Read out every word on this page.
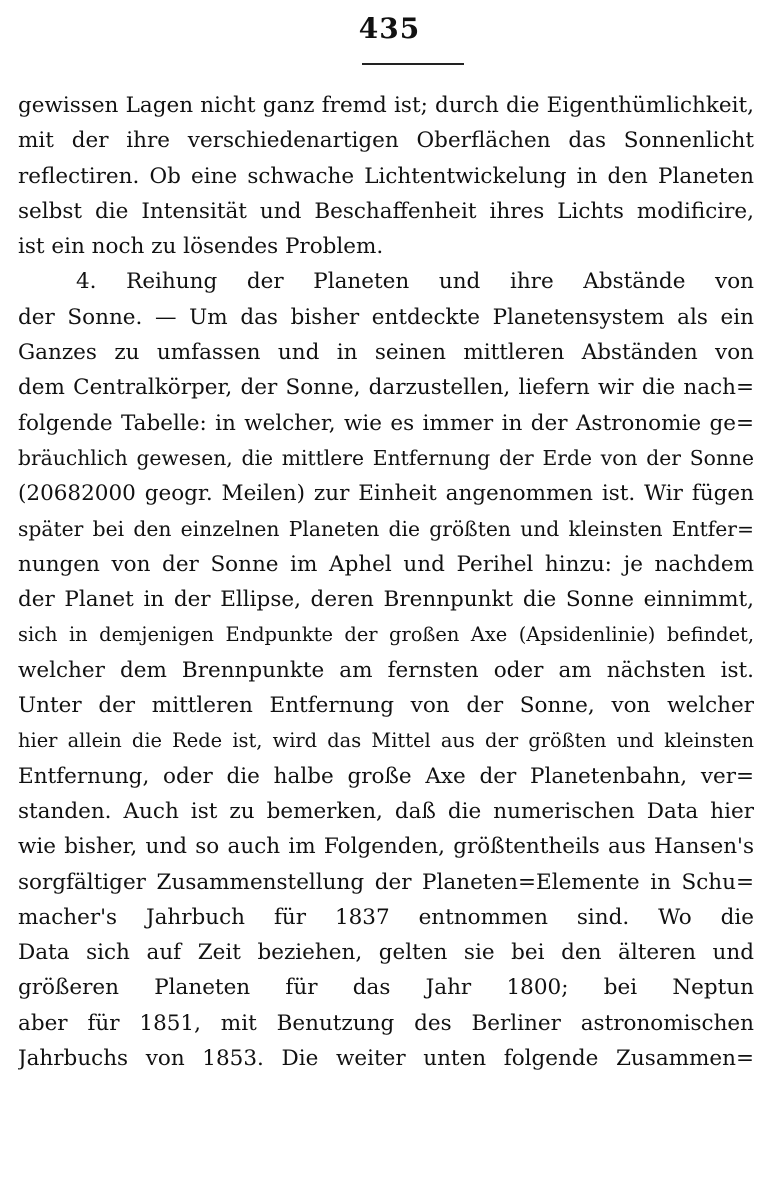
435
gewissen Lagen nicht ganz fremd ist; durch die Eigenthümlichkeit,
mit der ihre verschiedenartigen Oberflächen das Sonnenlicht
reflectiren. Ob eine schwache Lichtentwickelung in den Planeten
selbst die Intensität und Beschaffenheit ihres Lichts modificire,
ist ein noch zu lösendes Problem.
4. Reihung der Planeten und ihre Abstände von
der Sonne. — Um das bisher entdeckte Planetensystem als ein
Ganzes zu umfassen und in seinen mittleren Abständen von
dem Centralkörper, der Sonne, darzustellen, liefern wir die nach=
folgende Tabelle: in welcher, wie es immer in der Astronomie ge=
bräuchlich gewesen, die mittlere Entfernung der Erde von der Sonne
(20682000 geogr. Meilen) zur Einheit angenommen ist. Wir fügen
später bei den einzelnen Planeten die größten und kleinsten Entfer=
nungen von der Sonne im Aphel und Perihel hinzu: je nachdem
der Planet in der Ellipse, deren Brennpunkt die Sonne einnimmt,
sich in demjenigen Endpunkte der großen Axe (Apsidenlinie) befindet,
welcher dem Brennpunkte am fernsten oder am nächsten ist.
Unter der mittleren Entfernung von der Sonne, von welcher
hier allein die Rede ist, wird das Mittel aus der größten und kleinsten
Entfernung, oder die halbe große Axe der Planetenbahn, ver=
standen. Auch ist zu bemerken, daß die numerischen Data hier
wie bisher, und so auch im Folgenden, größtentheils aus Hansen's
sorgfältiger Zusammenstellung der Planeten=Elemente in Schu=
macher's Jahrbuch für 1837 entnommen sind. Wo die
Data sich auf Zeit beziehen, gelten sie bei den älteren und
größeren Planeten für das Jahr 1800; bei Neptun
aber für 1851, mit Benutzung des Berliner astronomischen
Jahrbuchs von 1853. Die weiter unten folgende Zusammen=
